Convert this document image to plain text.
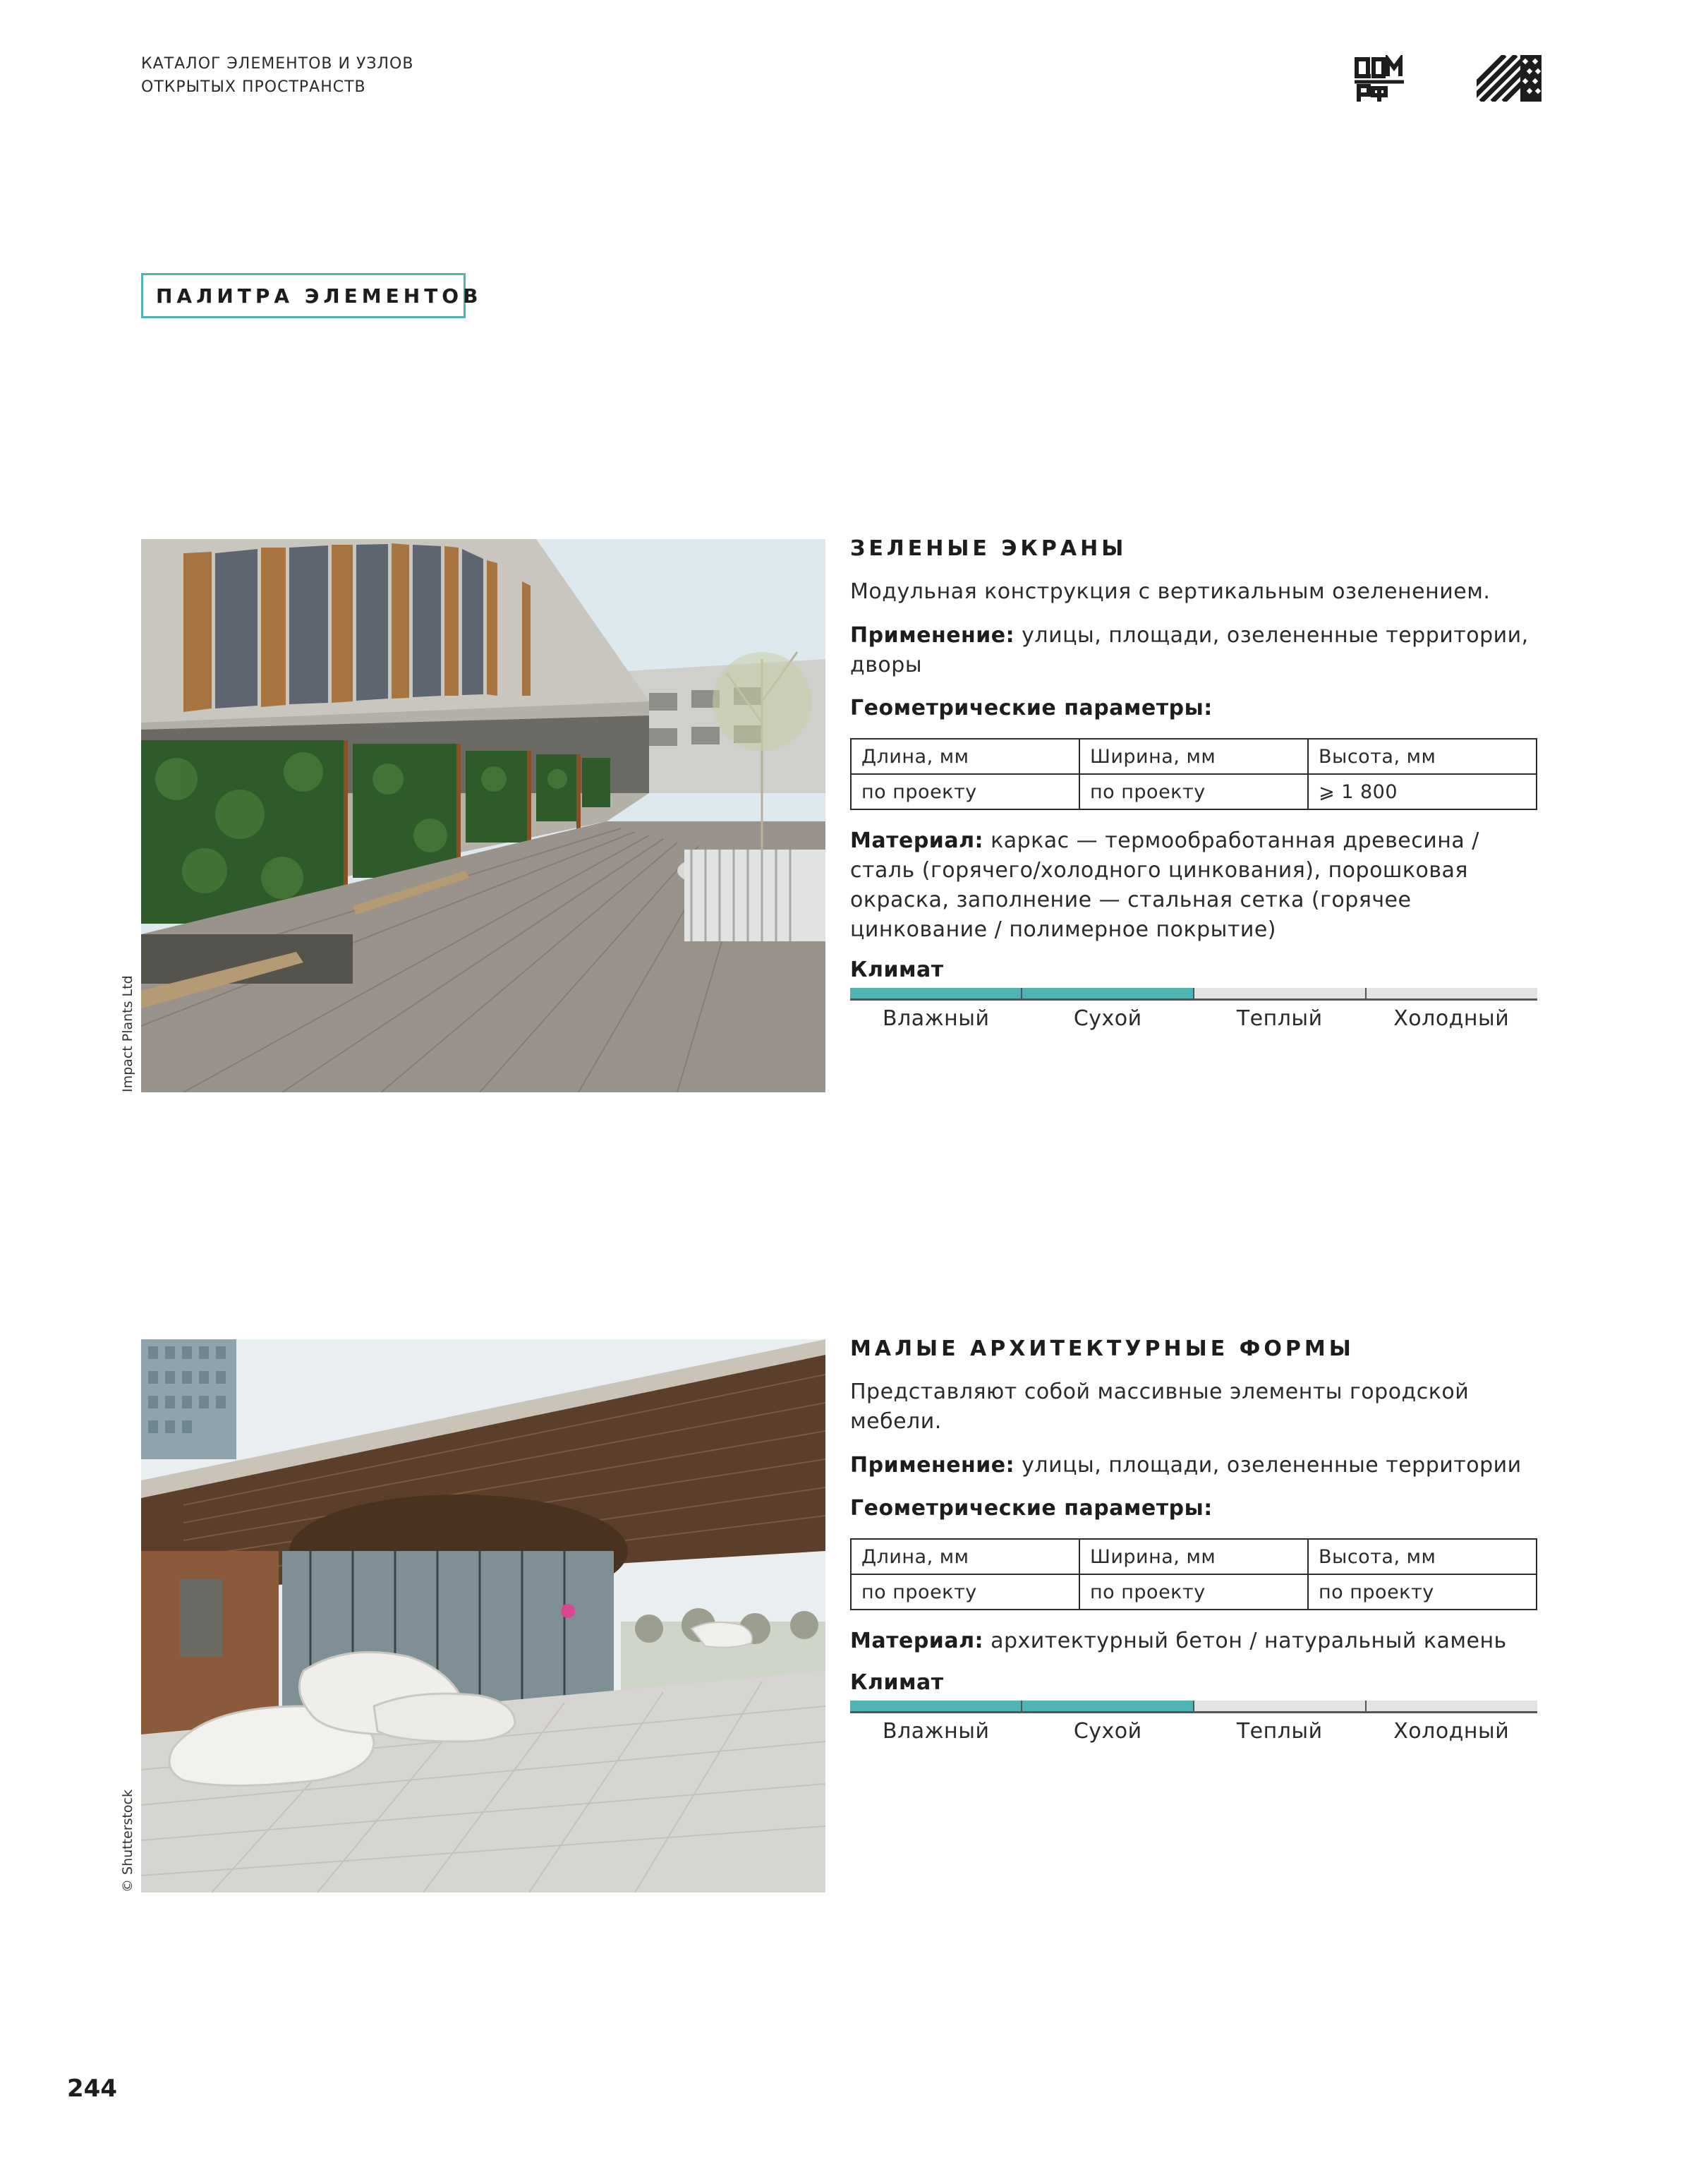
КАТАЛОГ ЭЛЕМЕНТОВ И УЗЛОВ
ОТКРЫТЫХ ПРОСТРАНСТВ
ПАЛИТРА ЭЛЕМЕНТОВ
Impact Plants Ltd
ЗЕЛЕНЫЕ ЭКРАНЫ
Модульная конструкция с вертикальным озеленением.
Применение: улицы, площади, озелененные территории, дворы
Геометрические параметры:
Длина, мм	Ширина, мм	Высота, мм
по проекту	по проекту	⩾ 1 800
Материал: каркас — термообработанная древесина / сталь (горячего/холодного цинкования), порошковая окраска, заполнение — стальная сетка (горячее цинкование / полимерное покрытие)
Климат
Влажный	Сухой	Теплый	Холодный
© Shutterstock
МАЛЫЕ АРХИТЕКТУРНЫЕ ФОРМЫ
Представляют собой массивные элементы городской мебели.
Применение: улицы, площади, озелененные территории
Геометрические параметры:
Длина, мм	Ширина, мм	Высота, мм
по проекту	по проекту	по проекту
Материал: архитектурный бетон / натуральный камень
Климат
Влажный	Сухой	Теплый	Холодный
244
